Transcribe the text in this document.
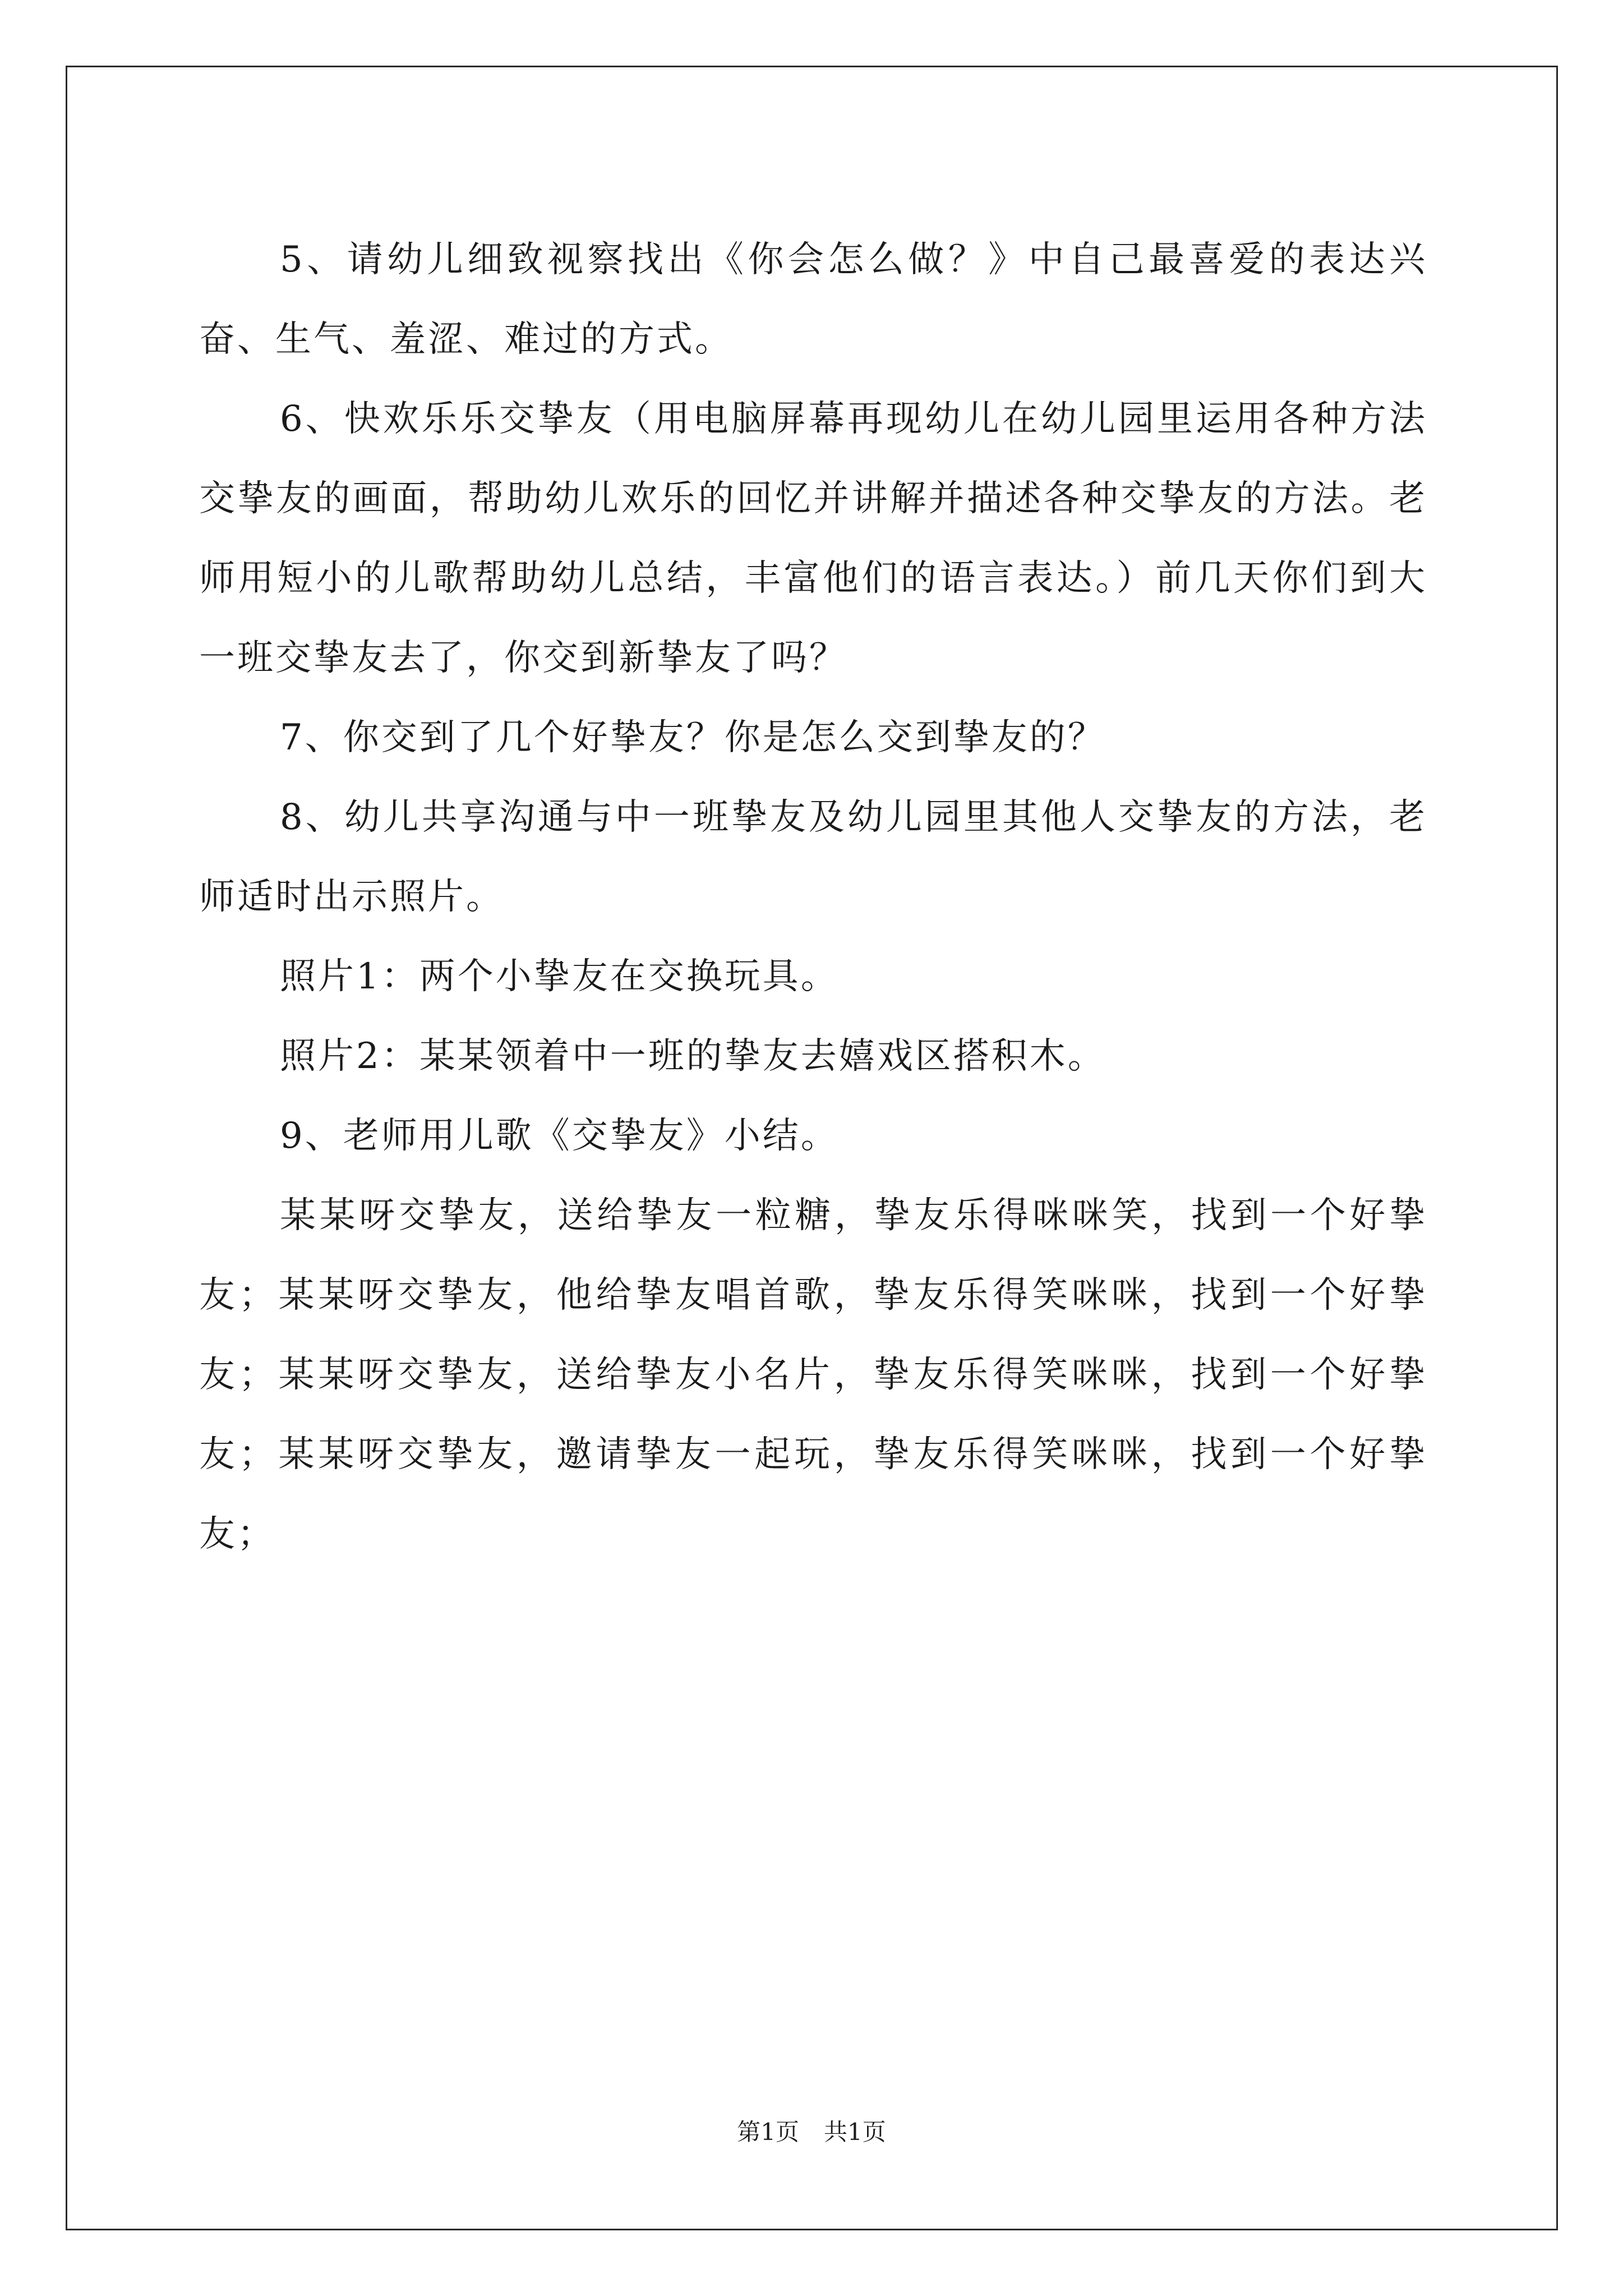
5、请幼儿细致视察找出《你会怎么做？》中自己最喜爱的表达兴奋、生气、羞涩、难过的方式。

6、快欢乐乐交挚友（用电脑屏幕再现幼儿在幼儿园里运用各种方法交挚友的画面，帮助幼儿欢乐的回忆并讲解并描述各种交挚友的方法。老师用短小的儿歌帮助幼儿总结，丰富他们的语言表达。）前几天你们到大一班交挚友去了，你交到新挚友了吗？

7、你交到了几个好挚友？你是怎么交到挚友的？

8、幼儿共享沟通与中一班挚友及幼儿园里其他人交挚友的方法，老师适时出示照片。

照片1：两个小挚友在交换玩具。

照片2：某某领着中一班的挚友去嬉戏区搭积木。

9、老师用儿歌《交挚友》小结。

某某呀交挚友，送给挚友一粒糖，挚友乐得咪咪笑，找到一个好挚友；某某呀交挚友，他给挚友唱首歌，挚友乐得笑咪咪，找到一个好挚友；某某呀交挚友，送给挚友小名片，挚友乐得笑咪咪，找到一个好挚友；某某呀交挚友，邀请挚友一起玩，挚友乐得笑咪咪，找到一个好挚友；

第1页 共1页
